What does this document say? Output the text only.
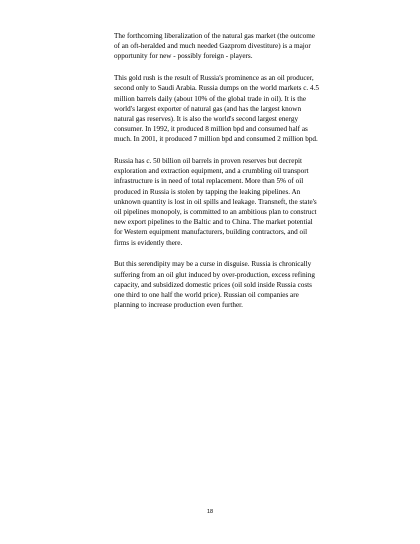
The forthcoming liberalization of the natural gas market (the outcome of an oft-heralded and much needed Gazprom divestiture) is a major opportunity for new - possibly foreign - players.

This gold rush is the result of Russia's prominence as an oil producer, second only to Saudi Arabia. Russia dumps on the world markets c. 4.5 million barrels daily (about 10% of the global trade in oil). It is the world's largest exporter of natural gas (and has the largest known natural gas reserves). It is also the world's second largest energy consumer. In 1992, it produced 8 million bpd and consumed half as much. In 2001, it produced 7 million bpd and consumed 2 million bpd.

Russia has c. 50 billion oil barrels in proven reserves but decrepit exploration and extraction equipment, and a crumbling oil transport infrastructure is in need of total replacement. More than 5% of oil produced in Russia is stolen by tapping the leaking pipelines. An unknown quantity is lost in oil spills and leakage. Transneft, the state's oil pipelines monopoly, is committed to an ambitious plan to construct new export pipelines to the Baltic and to China. The market potential for Western equipment manufacturers, building contractors, and oil firms is evidently there.

But this serendipity may be a curse in disguise. Russia is chronically suffering from an oil glut induced by over-production, excess refining capacity, and subsidized domestic prices (oil sold inside Russia costs one third to one half the world price). Russian oil companies are planning to increase production even further.

18
